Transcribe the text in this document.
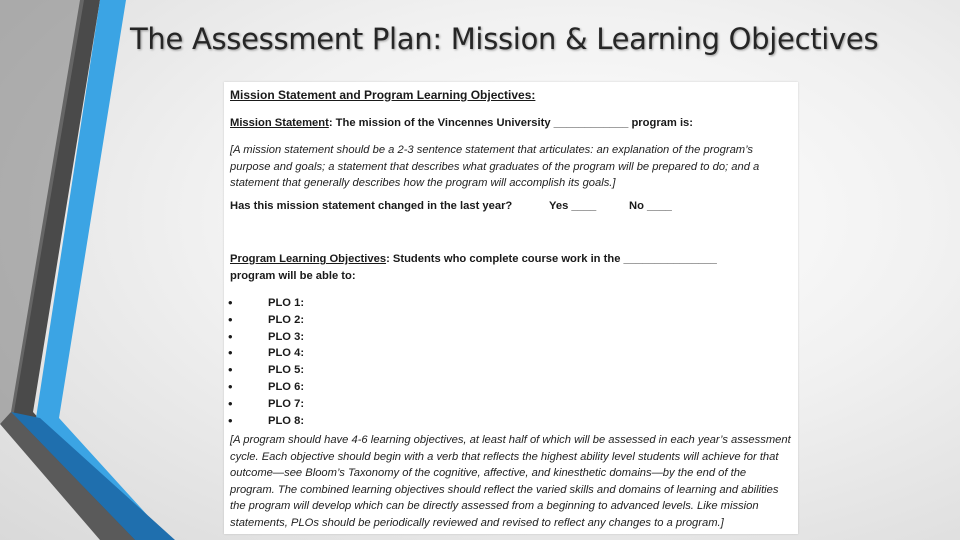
The Assessment Plan: Mission & Learning Objectives

Mission Statement and Program Learning Objectives:

Mission Statement: The mission of the Vincennes University ____________ program is:

[A mission statement should be a 2-3 sentence statement that articulates: an explanation of the program’s
purpose and goals; a statement that describes what graduates of the program will be prepared to do; and a
statement that generally describes how the program will accomplish its goals.]

Has this mission statement changed in the last year?	Yes ____	No ____

Program Learning Objectives: Students who complete course work in the _______________

program will be able to:

•	PLO 1:
•	PLO 2:
•	PLO 3:
•	PLO 4:
•	PLO 5:
•	PLO 6:
•	PLO 7:
•	PLO 8:

[A program should have 4-6 learning objectives, at least half of which will be assessed in each year’s assessment
cycle. Each objective should begin with a verb that reflects the highest ability level students will achieve for that
outcome—see Bloom’s Taxonomy of the cognitive, affective, and kinesthetic domains—by the end of the
program. The combined learning objectives should reflect the varied skills and domains of learning and abilities
the program will develop which can be directly assessed from a beginning to advanced levels. Like mission
statements, PLOs should be periodically reviewed and revised to reflect any changes to a program.]
